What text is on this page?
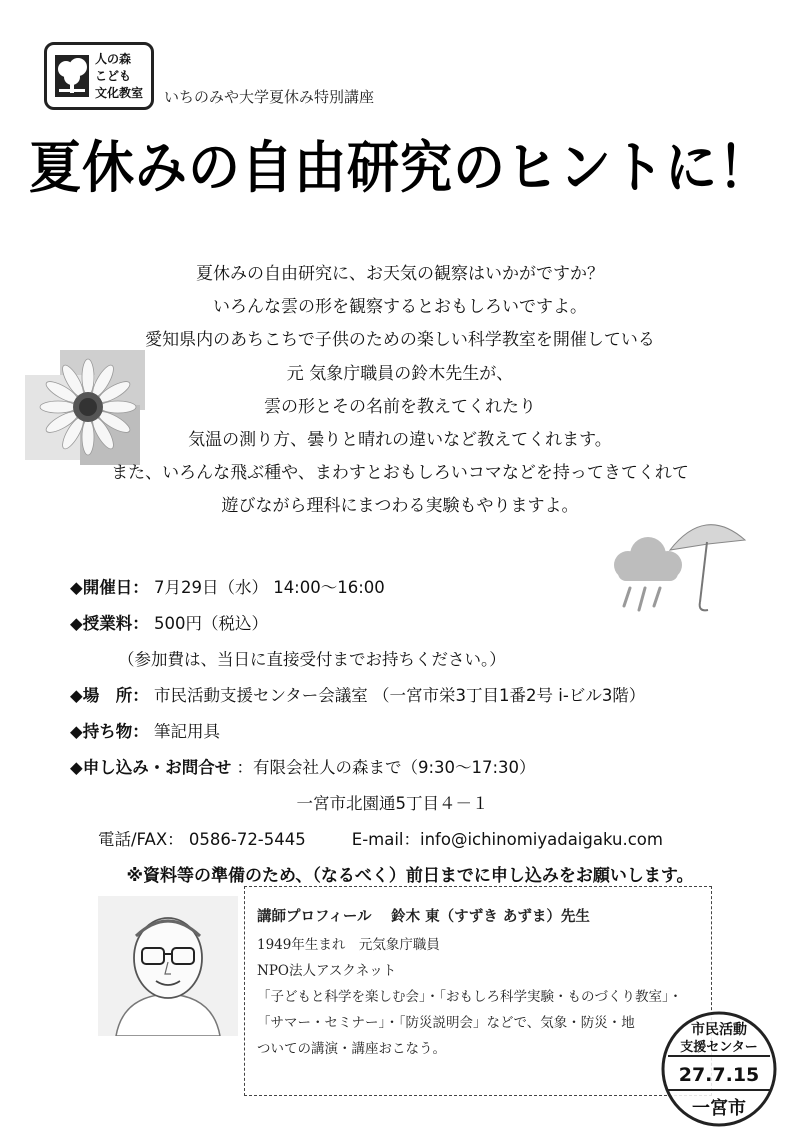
人の森
こども
文化教室 いちのみや大学夏休み特別講座
夏休みの自由研究のヒントに！
夏休みの自由研究に、お天気の観察はいかがですか？
いろんな雲の形を観察するとおもしろいですよ。
愛知県内のあちこちで子供のための楽しい科学教室を開催している
元 気象庁職員の鈴木先生が、
雲の形とその名前を教えてくれたり
気温の測り方、曇りと晴れの違いなど教えてくれます。
また、いろんな飛ぶ種や、まわすとおもしろいコマなどを持ってきてくれて
遊びながら理科にまつわる実験もやりますよ。
◆開催日： 7月29日（水） 14:00〜16:00
◆授業料： 500円（税込）
（参加費は、当日に直接受付までお持ちください。）
◆場　所： 市民活動支援センター会議室 （一宮市栄3丁目1番2号 i-ビル3階）
◆持ち物： 筆記用具
◆申し込み・お問合せ ：有限会社人の森まで（9:30〜17:30）
一宮市北園通5丁目４－１
電話/FAX： 0586-72-5445	E-mail：info@ichinomiyadaigaku.com
※資料等の準備のため、（なるべく）前日までに申し込みをお願いします。
講師プロフィール　 鈴木 東（すずき あずま）先生
1949年生まれ　元気象庁職員
NPO法人アスクネット
「子どもと科学を楽しむ会」・「おもしろ科学実験・ものづくり教室」・
「サマー・セミナー」・「防災説明会」などで、気象・防災・地
ついての講演・講座おこなう。
市民活動
支援センター
27.7.15
一宮市
